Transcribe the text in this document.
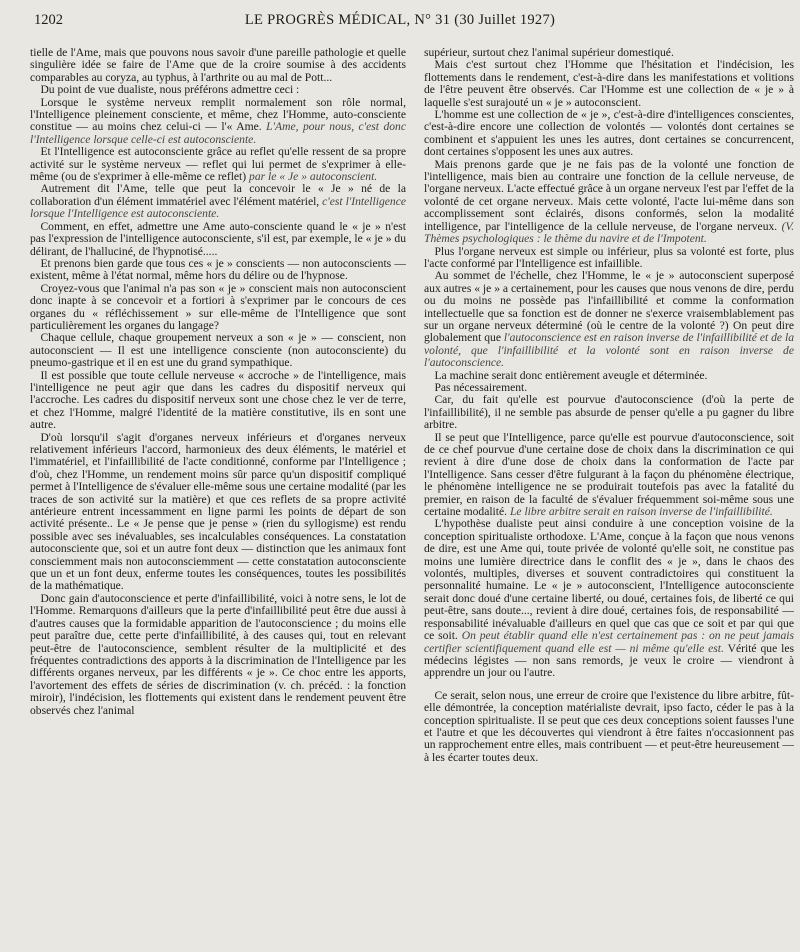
1202	LE PROGRÈS MÉDICAL, N° 31 (30 Juillet 1927)

tielle de l'Ame, mais que pouvons nous savoir d'une pareille pathologie et quelle singulière idée se faire de l'Ame que de la croire soumise à des accidents comparables au coryza, au typhus, à l'arthrite ou au mal de Pott...

Du point de vue dualiste, nous préférons admettre ceci :

Lorsque le système nerveux remplit normalement son rôle normal, l'Intelligence pleinement consciente, et même, chez l'Homme, auto-consciente constitue — au moins chez celui-ci — l'« Ame. L'Ame, pour nous, c'est donc l'Intelligence lorsque celle-ci est autoconsciente.

Et l'Intelligence est autoconsciente grâce au reflet qu'elle ressent de sa propre activité sur le système nerveux — reflet qui lui permet de s'exprimer à elle-même (ou de s'exprimer à elle-même ce reflet) par le « Je » autoconscient.

Autrement dit l'Ame, telle que peut la concevoir le « Je » né de la collaboration d'un élément immatériel avec l'élément matériel, c'est l'Intelligence lorsque l'Intelligence est autoconsciente.

Comment, en effet, admettre une Ame auto-consciente quand le « je » n'est pas l'expression de l'intelligence autoconsciente, s'il est, par exemple, le « je » du délirant, de l'halluciné, de l'hypnotisé.....

Et prenons bien garde que tous ces « je » conscients — non autoconscients — existent, même à l'état normal, même hors du délire ou de l'hypnose.

Croyez-vous que l'animal n'a pas son « je » conscient mais non autoconscient donc inapte à se concevoir et a fortiori à s'exprimer par le concours de ces organes du « réfléchissement » sur elle-même de l'Intelligence que sont particulièrement les organes du langage?

Chaque cellule, chaque groupement nerveux a son « je » — conscient, non autoconscient — Il est une intelligence consciente (non autoconsciente) du pneumo-gastrique et il en est une du grand sympathique.

Il est possible que toute cellule nerveuse « accroche » de l'intelligence, mais l'intelligence ne peut agir que dans les cadres du dispositif nerveux qui l'accroche. Les cadres du dispositif nerveux sont une chose chez le ver de terre, et chez l'Homme, malgré l'identité de la matière constitutive, ils en sont une autre.

D'où lorsqu'il s'agit d'organes nerveux inférieurs et d'organes nerveux relativement inférieurs l'accord, harmonieux des deux éléments, le matériel et l'immatériel, et l'infaillibilité de l'acte conditionné, conforme par l'Intelligence ; d'où, chez l'Homme, un rendement moins sûr parce qu'un dispositif compliqué permet à l'Intelligence de s'évaluer elle-même sous une certaine modalité (par les traces de son activité sur la matière) et que ces reflets de sa propre activité antérieure entrent incessamment en ligne parmi les points de départ de son activité présente.. Le « Je pense que je pense » (rien du syllogisme) est rendu possible avec ses inévaluables, ses incalculables conséquences. La constatation autoconsciente que, soi et un autre font deux — distinction que les animaux font consciemment mais non autoconsciemment — cette constatation autoconsciente que un et un font deux, enferme toutes les conséquences, toutes les possibilités de la mathématique.

Donc gain d'autoconscience et perte d'infaillibilité, voici à notre sens, le lot de l'Homme. Remarquons d'ailleurs que la perte d'infaillibilité peut être due aussi à d'autres causes que la formidable apparition de l'autoconscience ; du moins elle peut paraître due, cette perte d'infaillibilité, à des causes qui, tout en relevant peut-être de l'autoconscience, semblent résulter de la multiplicité et des fréquentes contradictions des apports à la discrimination de l'Intelligence par les différents organes nerveux, par les différents « je ». Ce choc entre les apports, l'avortement des effets de séries de discrimination (v. ch. précéd. : la fonction miroir), l'indécision, les flottements qui existent dans le rendement peuvent être observés chez l'animal

supérieur, surtout chez l'animal supérieur domestiqué.

Mais c'est surtout chez l'Homme que l'hésitation et l'indécision, les flottements dans le rendement, c'est-à-dire dans les manifestations et volitions de l'être peuvent être observés. Car l'Homme est une collection de « je » à laquelle s'est surajouté un « je » autoconscient.

L'homme est une collection de « je », c'est-à-dire d'intelligences conscientes, c'est-à-dire encore une collection de volontés — volontés dont certaines se combinent et s'appuient les unes les autres, dont certaines se concurrencent, dont certaines s'opposent les unes aux autres.

Mais prenons garde que je ne fais pas de la volonté une fonction de l'intelligence, mais bien au contraire une fonction de la cellule nerveuse, de l'organe nerveux. L'acte effectué grâce à un organe nerveux l'est par l'effet de la volonté de cet organe nerveux. Mais cette volonté, l'acte lui-même dans son accomplissement sont éclairés, disons conformés, selon la modalité intelligence, par l'intelligence de la cellule nerveuse, de l'organe nerveux. (V. Thèmes psychologiques : le thème du navire et de l'Impotent.

Plus l'organe nerveux est simple ou inférieur, plus sa volonté est forte, plus l'acte conformé par l'Intelligence est infaillible.

Au sommet de l'échelle, chez l'Homme, le « je » autoconscient superposé aux autres « je » a certainement, pour les causes que nous venons de dire, perdu ou du moins ne possède pas l'infaillibilité et comme la conformation intellectuelle que sa fonction est de donner ne s'exerce vraisemblablement pas sur un organe nerveux déterminé (où le centre de la volonté ?) On peut dire globalement que l'autoconscience est en raison inverse de l'infaillibilité et de la volonté, que l'infaillibilité et la volonté sont en raison inverse de l'autoconscience.

La machine serait donc entièrement aveugle et déterminée.

Pas nécessairement.

Car, du fait qu'elle est pourvue d'autoconscience (d'où la perte de l'infaillibilité), il ne semble pas absurde de penser qu'elle a pu gagner du libre arbitre.

Il se peut que l'Intelligence, parce qu'elle est pourvue d'autoconscience, soit de ce chef pourvue d'une certaine dose de choix dans la discrimination ce qui revient à dire d'une dose de choix dans la conformation de l'acte par l'Intelligence. Sans cesser d'être fulgurant à la façon du phénomène électrique, le phénomène intelligence ne se produirait toutefois pas avec la fatalité du premier, en raison de la faculté de s'évaluer fréquemment soi-même sous une certaine modalité. Le libre arbitre serait en raison inverse de l'infaillibilité.

L'hypothèse dualiste peut ainsi conduire à une conception voisine de la conception spiritualiste orthodoxe. L'Ame, conçue à la façon que nous venons de dire, est une Ame qui, toute privée de volonté qu'elle soit, ne constitue pas moins une lumière directrice dans le conflit des « je », dans le chaos des volontés, multiples, diverses et souvent contradictoires qui constituent la personnalité humaine. Le « je » autoconscient, l'Intelligence autoconsciente serait donc doué d'une certaine liberté, ou doué, certaines fois, de liberté ce qui peut-être, sans doute..., revient à dire doué, certaines fois, de responsabilité — responsabilité inévaluable d'ailleurs en quel que cas que ce soit et par qui que ce soit. On peut établir quand elle n'est certainement pas : on ne peut jamais certifier scientifiquement quand elle est — ni même qu'elle est. Vérité que les médecins légistes — non sans remords, je veux le croire — viendront à apprendre un jour ou l'autre.

Ce serait, selon nous, une erreur de croire que l'existence du libre arbitre, fût-elle démontrée, la conception matérialiste devrait, ipso facto, céder le pas à la conception spiritualiste. Il se peut que ces deux conceptions soient fausses l'une et l'autre et que les découvertes qui viendront à être faites n'occasionnent pas un rapprochement entre elles, mais contribuent — et peut-être heureusement — à les écarter toutes deux.
